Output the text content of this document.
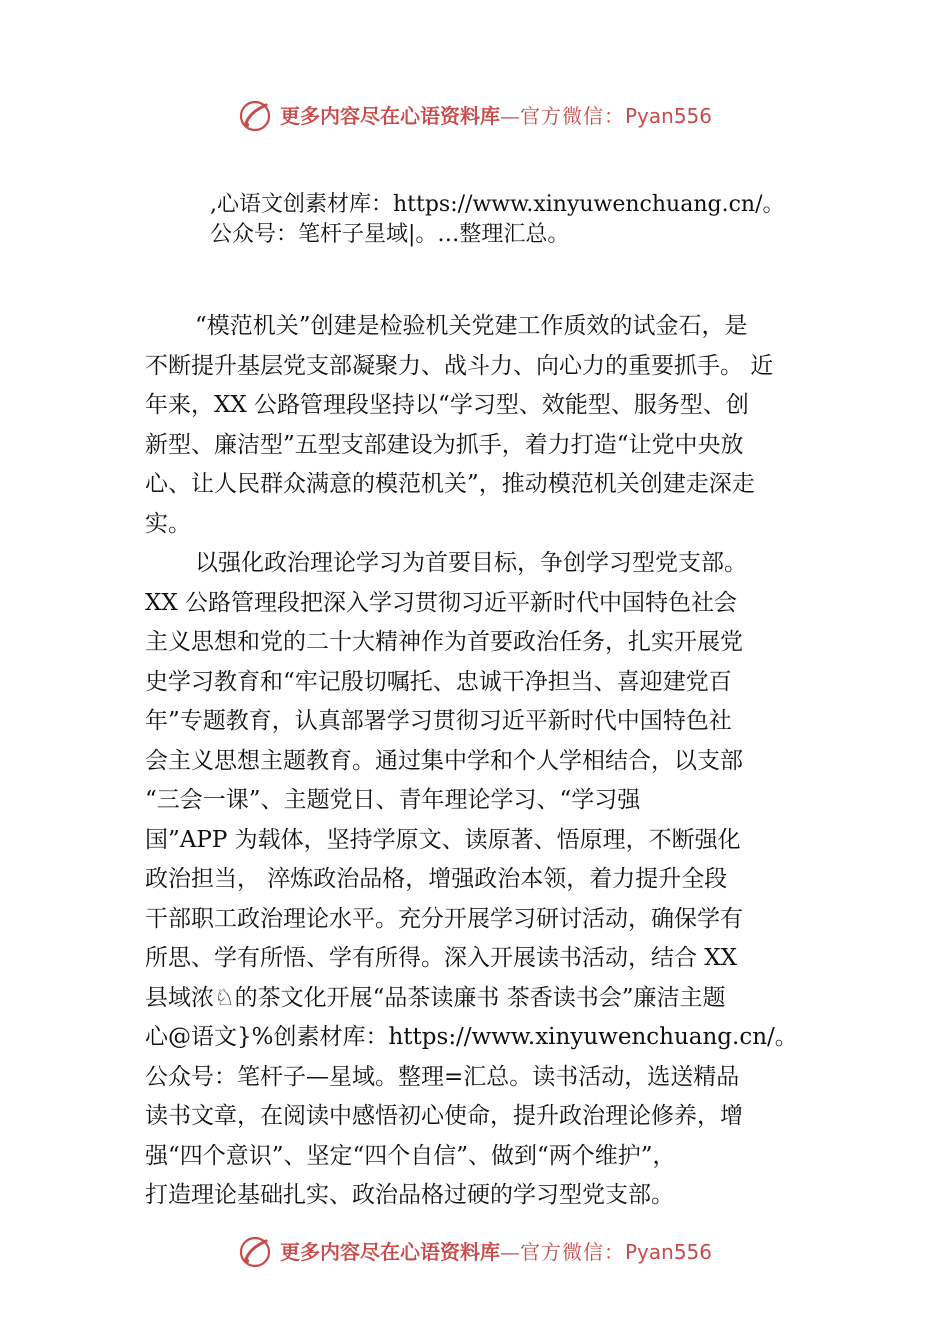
更多内容尽在心语资料库—官方微信：Pyan556
,心语文创素材库：https://www.xinyuwenchuang.cn/。
公众号：笔杆子星域|。…整理汇总。
“模范机关”创建是检验机关党建工作质效的试金石，是
不断提升基层党支部凝聚力、战斗力、向心力的重要抓手。 近
年来，XX 公路管理段坚持以“学习型、效能型、服务型、创
新型、廉洁型”五型支部建设为抓手，着力打造“让党中央放
心、让人民群众满意的模范机关”，推动模范机关创建走深走
实。
以强化政治理论学习为首要目标，争创学习型党支部。
XX 公路管理段把深入学习贯彻习近平新时代中国特色社会
主义思想和党的二十大精神作为首要政治任务，扎实开展党
史学习教育和“牢记殷切嘱托、忠诚干净担当、喜迎建党百
年”专题教育，认真部署学习贯彻习近平新时代中国特色社
会主义思想主题教育。通过集中学和个人学相结合，以支部
“三会一课”、主题党日、青年理论学习、“学习强
国”APP 为载体，坚持学原文、读原著、悟原理，不断强化
政治担当， 淬炼政治品格，增强政治本领，着力提升全段
干部职工政治理论水平。充分开展学习研讨活动，确保学有
所思、学有所悟、学有所得。深入开展读书活动，结合 XX
县域浓♘的茶文化开展“品茶读廉书 茶香读书会”廉洁主题
心@语文}%创素材库：https://www.xinyuwenchuang.cn/。
公众号：笔杆子—星域。整理=汇总。读书活动，选送精品
读书文章，在阅读中感悟初心使命，提升政治理论修养，增
强“四个意识”、坚定“四个自信”、做到“两个维护”，
打造理论基础扎实、政治品格过硬的学习型党支部。
更多内容尽在心语资料库—官方微信：Pyan556
